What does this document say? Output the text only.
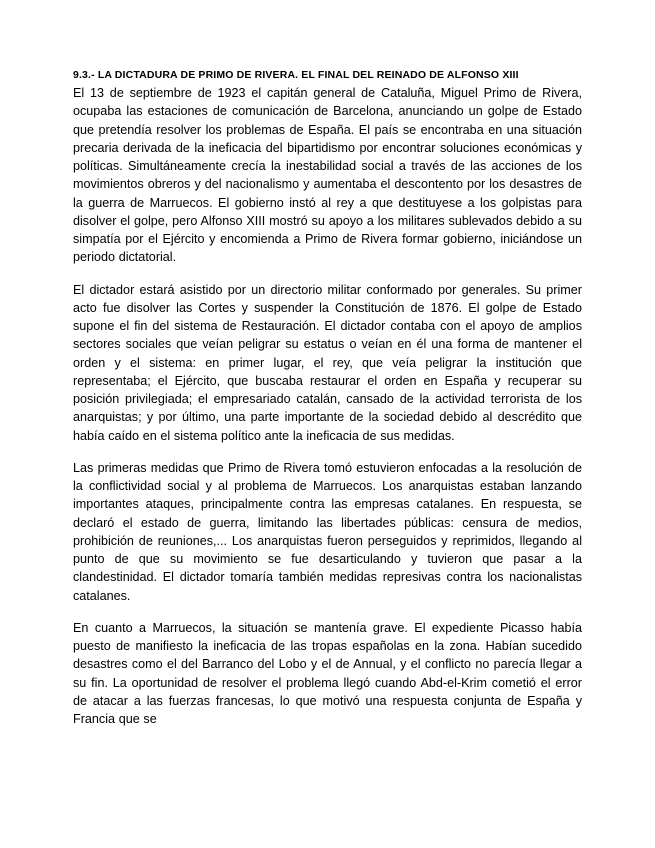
9.3.- LA DICTADURA DE PRIMO DE RIVERA. EL FINAL DEL REINADO DE ALFONSO XIII

El 13 de septiembre de 1923 el capitán general de Cataluña, Miguel Primo de Rivera, ocupaba las estaciones de comunicación de Barcelona, anunciando un golpe de Estado que pretendía resolver los problemas de España. El país se encontraba en una situación precaria derivada de la ineficacia del bipartidismo por encontrar soluciones económicas y políticas. Simultáneamente crecía la inestabilidad social a través de las acciones de los movimientos obreros y del nacionalismo y aumentaba el descontento por los desastres de la guerra de Marruecos. El gobierno instó al rey a que destituyese a los golpistas para disolver el golpe, pero Alfonso XIII mostró su apoyo a los militares sublevados debido a su simpatía por el Ejército y encomienda a Primo de Rivera formar gobierno, iniciándose un periodo dictatorial.

El dictador estará asistido por un directorio militar conformado por generales. Su primer acto fue disolver las Cortes y suspender la Constitución de 1876. El golpe de Estado supone el fin del sistema de Restauración. El dictador contaba con el apoyo de amplios sectores sociales que veían peligrar su estatus o veían en él una forma de mantener el orden y el sistema: en primer lugar, el rey, que veía peligrar la institución que representaba; el Ejército, que buscaba restaurar el orden en España y recuperar su posición privilegiada; el empresariado catalán, cansado de la actividad terrorista de los anarquistas; y por último, una parte importante de la sociedad debido al descrédito que había caído en el sistema político ante la ineficacia de sus medidas.

Las primeras medidas que Primo de Rivera tomó estuvieron enfocadas a la resolución de la conflictividad social y al problema de Marruecos. Los anarquistas estaban lanzando importantes ataques, principalmente contra las empresas catalanes. En respuesta, se declaró el estado de guerra, limitando las libertades públicas: censura de medios, prohibición de reuniones,... Los anarquistas fueron perseguidos y reprimidos, llegando al punto de que su movimiento se fue desarticulando y tuvieron que pasar a la clandestinidad. El dictador tomaría también medidas represivas contra los nacionalistas catalanes.

En cuanto a Marruecos, la situación se mantenía grave. El expediente Picasso había puesto de manifiesto la ineficacia de las tropas españolas en la zona. Habían sucedido desastres como el del Barranco del Lobo y el de Annual, y el conflicto no parecía llegar a su fin. La oportunidad de resolver el problema llegó cuando Abd-el-Krim cometió el error de atacar a las fuerzas francesas, lo que motivó una respuesta conjunta de España y Francia que se
